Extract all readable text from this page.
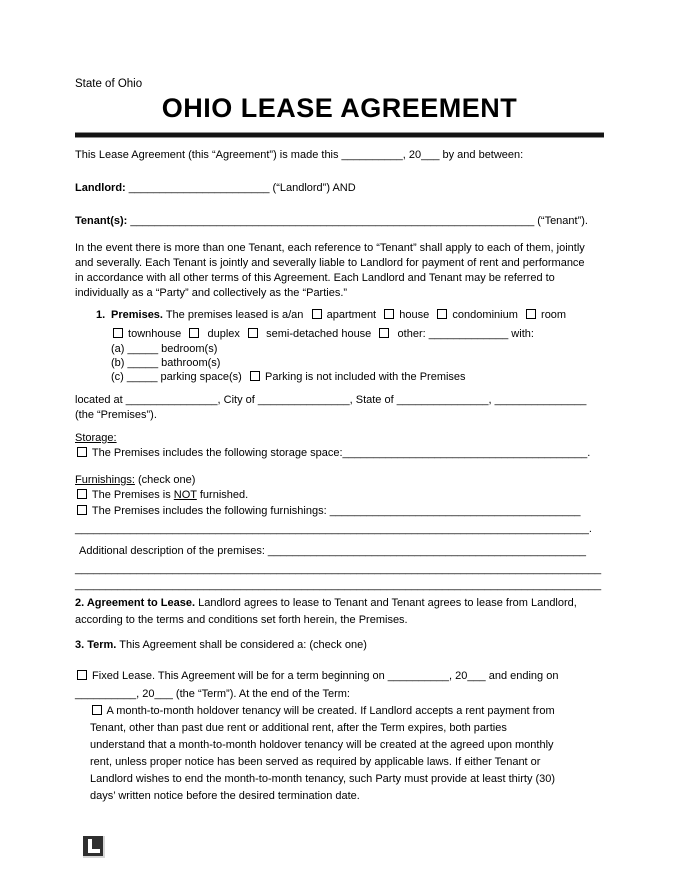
State of Ohio
OHIO LEASE AGREEMENT
This Lease Agreement (this “Agreement”) is made this __________, 20___ by and between:
Landlord: _______________________ (“Landlord”) AND
Tenant(s): __________________________________________________________________ (“Tenant”).
In the event there is more than one Tenant, each reference to “Tenant” shall apply to each of them, jointly
and severally. Each Tenant is jointly and severally liable to Landlord for payment of rent and performance
in accordance with all other terms of this Agreement. Each Landlord and Tenant may be referred to
individually as a “Party” and collectively as the “Parties.”
1. Premises. The premises leased is a/an   apartment   house   condominium   room
townhouse    duplex    semi-detached house    other: _____________ with:
(a) _____ bedroom(s)
(b) _____ bathroom(s)
(c) _____ parking space(s)   Parking is not included with the Premises
located at _______________, City of _______________, State of _______________, _______________
(the “Premises”).
Storage:
The Premises includes the following storage space:________________________________________.
Furnishings: (check one)
The Premises is NOT furnished.
The Premises includes the following furnishings: _________________________________________
____________________________________________________________________________________.
Additional description of the premises: ____________________________________________________
______________________________________________________________________________________
______________________________________________________________________________________
2. Agreement to Lease. Landlord agrees to lease to Tenant and Tenant agrees to lease from Landlord,
according to the terms and conditions set forth herein, the Premises.
3. Term. This Agreement shall be considered a: (check one)
Fixed Lease. This Agreement will be for a term beginning on __________, 20___ and ending on
__________, 20___ (the “Term”). At the end of the Term:
A month-to-month holdover tenancy will be created. If Landlord accepts a rent payment from
Tenant, other than past due rent or additional rent, after the Term expires, both parties
understand that a month-to-month holdover tenancy will be created at the agreed upon monthly
rent, unless proper notice has been served as required by applicable laws. If either Tenant or
Landlord wishes to end the month-to-month tenancy, such Party must provide at least thirty (30)
days’ written notice before the desired termination date.
